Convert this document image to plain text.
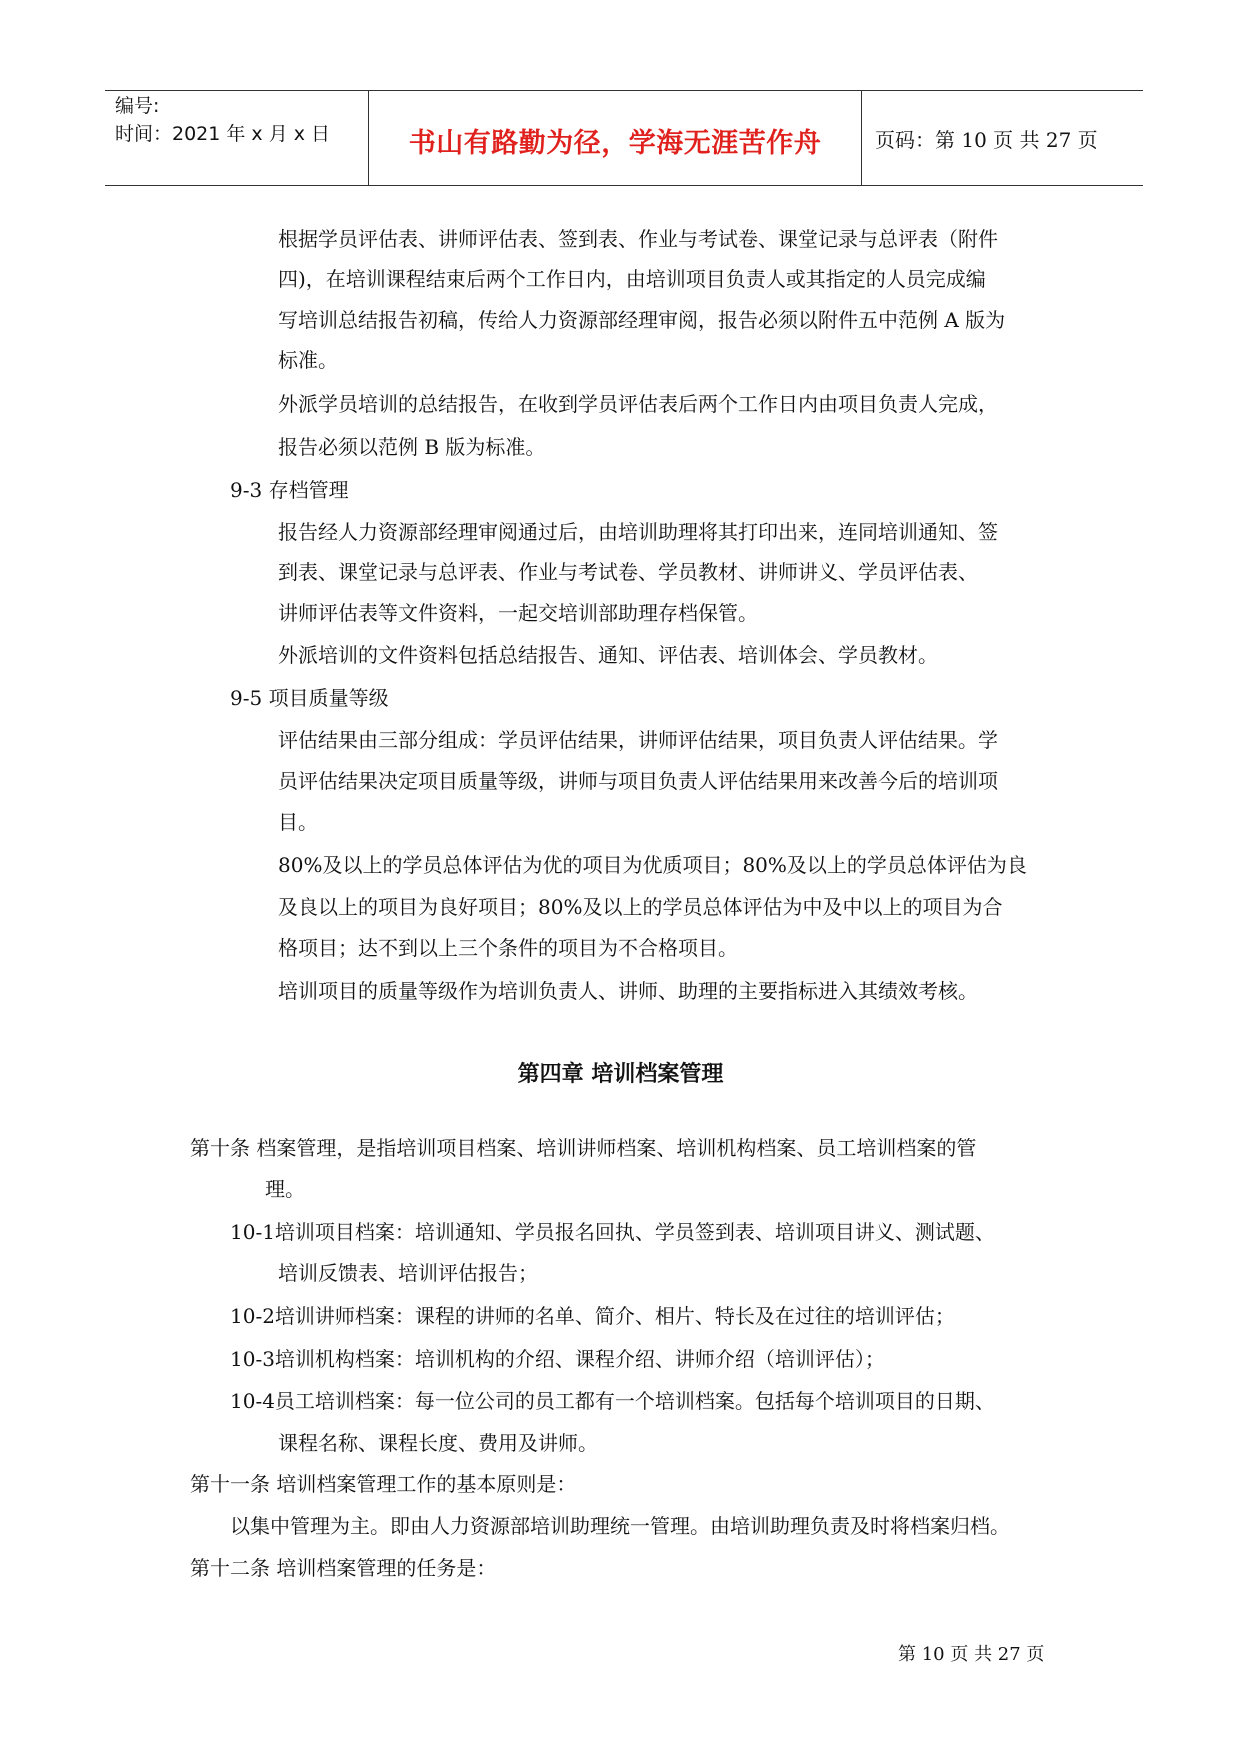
编号:
时间：2021 年 x 月 x 日	书山有路勤为径，学海无涯苦作舟	页码：第 10 页 共 27 页
根据学员评估表、讲师评估表、签到表、作业与考试卷、课堂记录与总评表（附件
四)，在培训课程结束后两个工作日内，由培训项目负责人或其指定的人员完成编
写培训总结报告初稿，传给人力资源部经理审阅，报告必须以附件五中范例 A 版为
标准。
外派学员培训的总结报告，在收到学员评估表后两个工作日内由项目负责人完成，
报告必须以范例 B 版为标准。
9-3 存档管理
报告经人力资源部经理审阅通过后，由培训助理将其打印出来，连同培训通知、签
到表、课堂记录与总评表、作业与考试卷、学员教材、讲师讲义、学员评估表、
讲师评估表等文件资料，一起交培训部助理存档保管。
外派培训的文件资料包括总结报告、通知、评估表、培训体会、学员教材。
9-5 项目质量等级
评估结果由三部分组成：学员评估结果，讲师评估结果，项目负责人评估结果。学
员评估结果决定项目质量等级，讲师与项目负责人评估结果用来改善今后的培训项
目。
80%及以上的学员总体评估为优的项目为优质项目；80%及以上的学员总体评估为良
及良以上的项目为良好项目；80%及以上的学员总体评估为中及中以上的项目为合
格项目；达不到以上三个条件的项目为不合格项目。
培训项目的质量等级作为培训负责人、讲师、助理的主要指标进入其绩效考核。
第四章 培训档案管理
第十条 档案管理，是指培训项目档案、培训讲师档案、培训机构档案、员工培训档案的管
理。
10-1培训项目档案：培训通知、学员报名回执、学员签到表、培训项目讲义、测试题、
培训反馈表、培训评估报告；
10-2培训讲师档案：课程的讲师的名单、简介、相片、特长及在过往的培训评估；
10-3培训机构档案：培训机构的介绍、课程介绍、讲师介绍（培训评估）；
10-4员工培训档案：每一位公司的员工都有一个培训档案。包括每个培训项目的日期、
课程名称、课程长度、费用及讲师。
第十一条 培训档案管理工作的基本原则是：
以集中管理为主。即由人力资源部培训助理统一管理。由培训助理负责及时将档案归档。
第十二条 培训档案管理的任务是：
第 10 页 共 27 页
